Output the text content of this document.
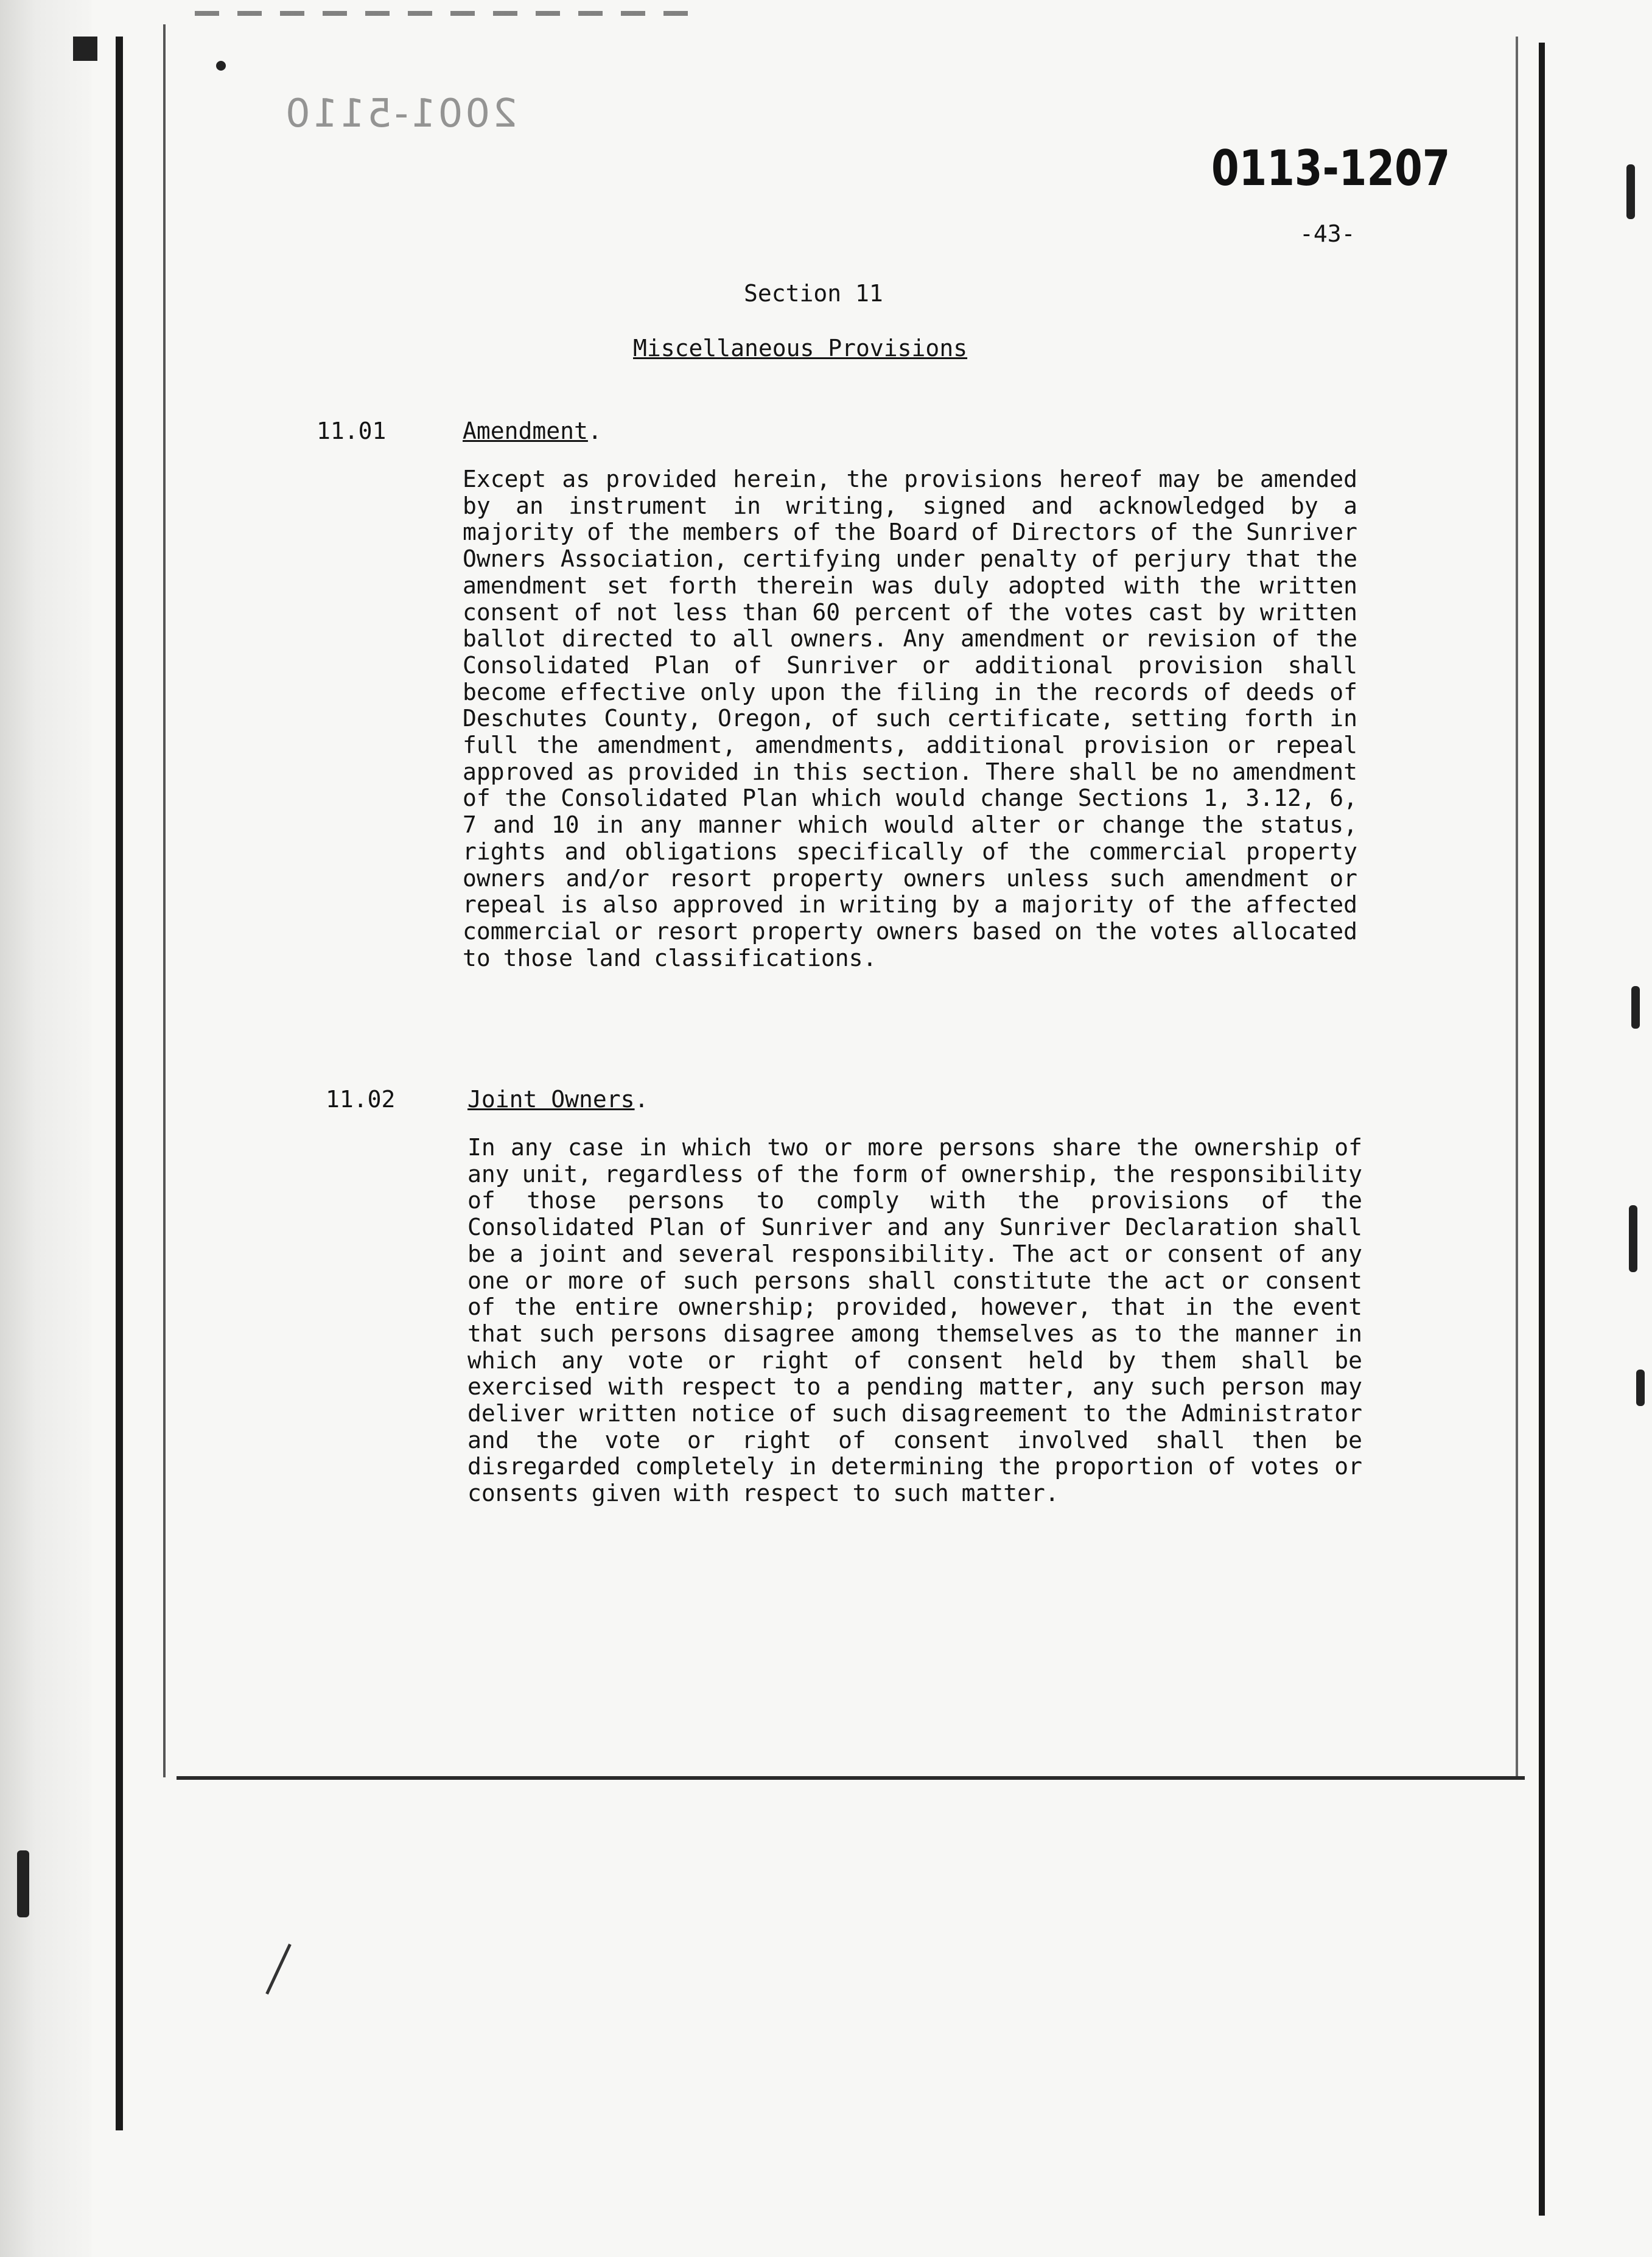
2001-5110
0113-1207
-43-
Section 11
Miscellaneous Provisions
11.01	Amendment.
Except as provided herein, the provisions hereof may be amended by an instrument in writing, signed and acknowledged by a majority of the members of the Board of Directors of the Sunriver Owners Association, certifying under penalty of perjury that the amendment set forth therein was duly adopted with the written consent of not less than 60 percent of the votes cast by written ballot directed to all owners. Any amendment or revision of the Consolidated Plan of Sunriver or additional provision shall become effective only upon the filing in the records of deeds of Deschutes County, Oregon, of such certificate, setting forth in full the amendment, amendments, additional provision or repeal approved as provided in this section. There shall be no amendment of the Consolidated Plan which would change Sections 1, 3.12, 6, 7 and 10 in any manner which would alter or change the status, rights and obligations specifically of the commercial property owners and/or resort property owners unless such amendment or repeal is also approved in writing by a majority of the affected commercial or resort property owners based on the votes allocated to those land classifications.
11.02	Joint Owners.
In any case in which two or more persons share the ownership of any unit, regardless of the form of ownership, the responsibility of those persons to comply with the provisions of the Consolidated Plan of Sunriver and any Sunriver Declaration shall be a joint and several responsibility. The act or consent of any one or more of such persons shall constitute the act or consent of the entire ownership; provided, however, that in the event that such persons disagree among themselves as to the manner in which any vote or right of consent held by them shall be exercised with respect to a pending matter, any such person may deliver written notice of such disagreement to the Administrator and the vote or right of consent involved shall then be disregarded completely in determining the proportion of votes or consents given with respect to such matter.
